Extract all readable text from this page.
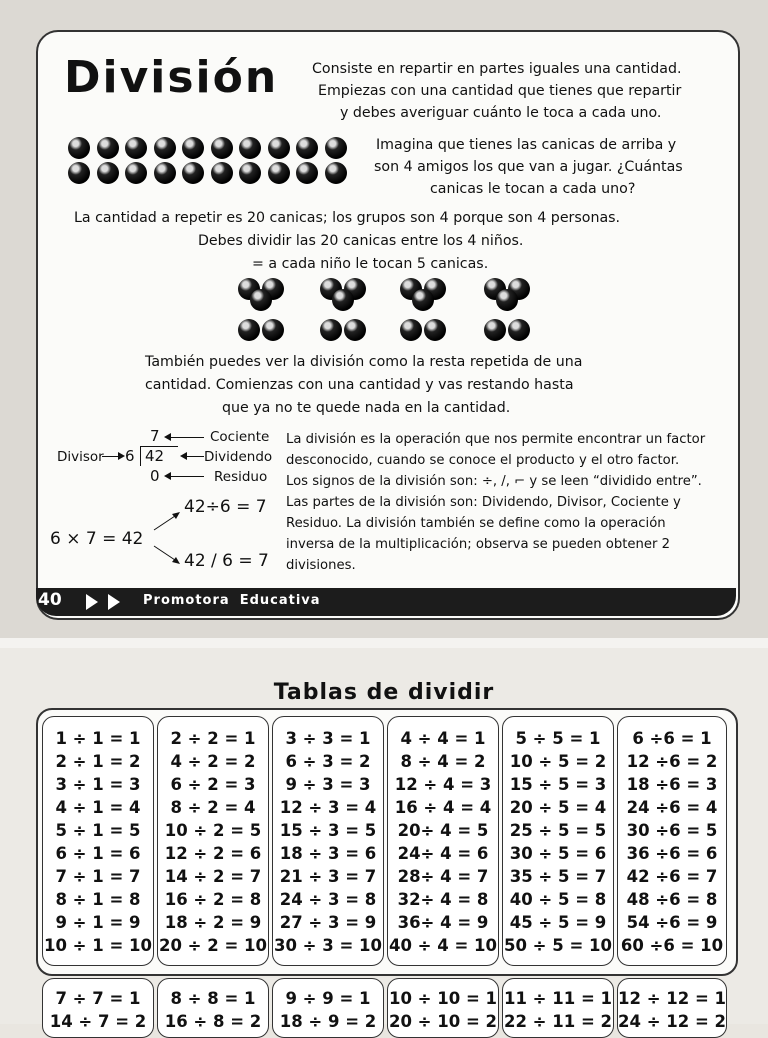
División Consiste en repartir en partes iguales una cantidad.

Empiezas con una cantidad que tienes que repartir

y debes averiguar cuánto le toca a cada uno.

Imagina que tienes las canicas de arriba y

son 4 amigos los que van a jugar. ¿Cuántas

canicas le tocan a cada uno?

La cantidad a repetir es 20 canicas; los grupos son 4 porque son 4 personas.

Debes dividir las 20 canicas entre los 4 niños.

= a cada niño le tocan 5 canicas.

También puedes ver la división como la resta repetida de una

cantidad. Comienzas con una cantidad y vas restando hasta

que ya no te quede nada en la cantidad.

7
6 42
0
Cociente
Divisor	Dividendo
Residuo
6 × 7 = 42
42÷6 = 7
42 / 6 = 7

La división es la operación que nos permite encontrar un factor

desconocido, cuando se conoce el producto y el otro factor.

Los signos de la división son: ÷, /, ⌐ y se leen “dividido entre”.

Las partes de la división son: Dividendo, Divisor, Cociente y

Residuo. La división también se define como la operación

inversa de la multiplicación; observa se pueden obtener 2

divisiones.

40	Promotora Educativa
Tablas de dividir
1 ÷ 1 = 1
2 ÷ 1 = 2
3 ÷ 1 = 3
4 ÷ 1 = 4
5 ÷ 1 = 5
6 ÷ 1 = 6
7 ÷ 1 = 7
8 ÷ 1 = 8
9 ÷ 1 = 9
10 ÷ 1 = 10
2 ÷ 2 = 1
4 ÷ 2 = 2
6 ÷ 2 = 3
8 ÷ 2 = 4
10 ÷ 2 = 5
12 ÷ 2 = 6
14 ÷ 2 = 7
16 ÷ 2 = 8
18 ÷ 2 = 9
20 ÷ 2 = 10
3 ÷ 3 = 1
6 ÷ 3 = 2
9 ÷ 3 = 3
12 ÷ 3 = 4
15 ÷ 3 = 5
18 ÷ 3 = 6
21 ÷ 3 = 7
24 ÷ 3 = 8
27 ÷ 3 = 9
30 ÷ 3 = 10
4 ÷ 4 = 1
8 ÷ 4 = 2
12 ÷ 4 = 3
16 ÷ 4 = 4
20÷ 4 = 5
24÷ 4 = 6
28÷ 4 = 7
32÷ 4 = 8
36÷ 4 = 9
40 ÷ 4 = 10
5 ÷ 5 = 1
10 ÷ 5 = 2
15 ÷ 5 = 3
20 ÷ 5 = 4
25 ÷ 5 = 5
30 ÷ 5 = 6
35 ÷ 5 = 7
40 ÷ 5 = 8
45 ÷ 5 = 9
50 ÷ 5 = 10
6 ÷6 = 1
12 ÷6 = 2
18 ÷6 = 3
24 ÷6 = 4
30 ÷6 = 5
36 ÷6 = 6
42 ÷6 = 7
48 ÷6 = 8
54 ÷6 = 9
60 ÷6 = 10
7 ÷ 7 = 1
14 ÷ 7 = 2
8 ÷ 8 = 1
16 ÷ 8 = 2
9 ÷ 9 = 1
18 ÷ 9 = 2
10 ÷ 10 = 1
20 ÷ 10 = 2
11 ÷ 11 = 1
22 ÷ 11 = 2
12 ÷ 12 = 1
24 ÷ 12 = 2
